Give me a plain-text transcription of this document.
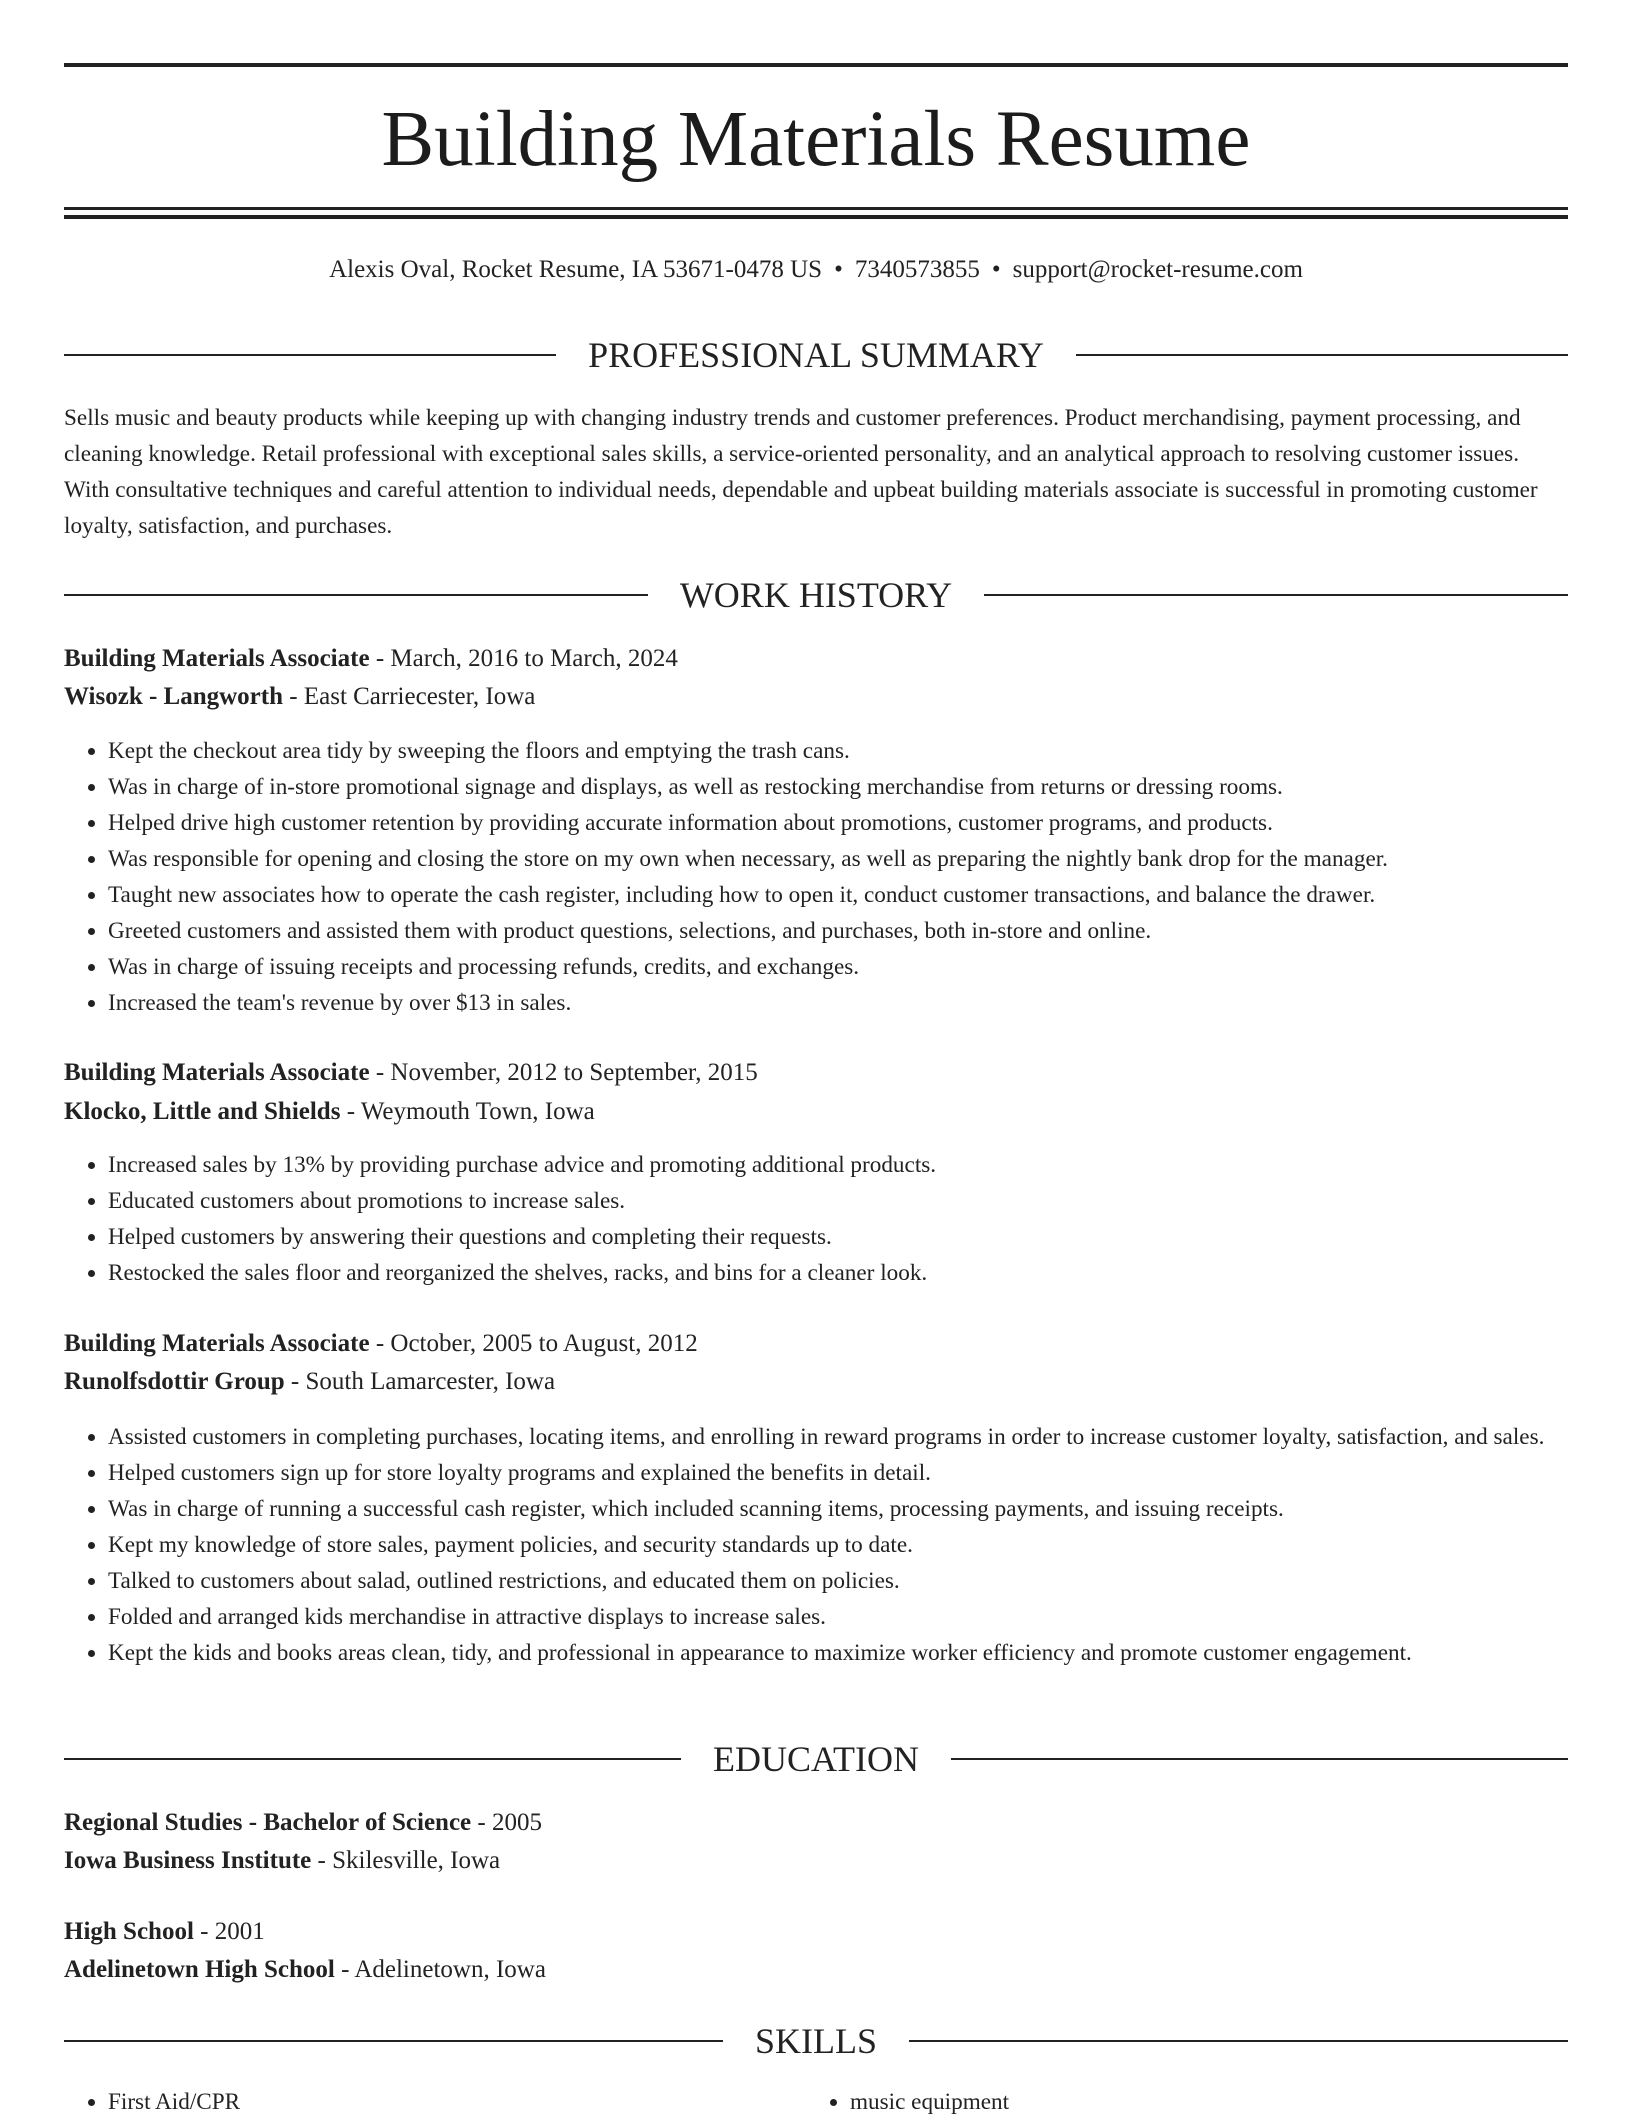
Building Materials Resume
Alexis Oval, Rocket Resume, IA 53671-0478 US • 7340573855 • support@rocket-resume.com
PROFESSIONAL SUMMARY

Sells music and beauty products while keeping up with changing industry trends and customer preferences. Product merchandising, payment processing, and cleaning knowledge. Retail professional with exceptional sales skills, a service-oriented personality, and an analytical approach to resolving customer issues. With consultative techniques and careful attention to individual needs, dependable and upbeat building materials associate is successful in promoting customer loyalty, satisfaction, and purchases.

WORK HISTORY
Building Materials Associate - March, 2016 to March, 2024
Wisozk - Langworth - East Carriecester, Iowa
• Kept the checkout area tidy by sweeping the floors and emptying the trash cans.
• Was in charge of in-store promotional signage and displays, as well as restocking merchandise from returns or dressing rooms.
• Helped drive high customer retention by providing accurate information about promotions, customer programs, and products.
• Was responsible for opening and closing the store on my own when necessary, as well as preparing the nightly bank drop for the manager.
• Taught new associates how to operate the cash register, including how to open it, conduct customer transactions, and balance the drawer.
• Greeted customers and assisted them with product questions, selections, and purchases, both in-store and online.
• Was in charge of issuing receipts and processing refunds, credits, and exchanges.
• Increased the team's revenue by over $13 in sales.
Building Materials Associate - November, 2012 to September, 2015
Klocko, Little and Shields - Weymouth Town, Iowa
• Increased sales by 13% by providing purchase advice and promoting additional products.
• Educated customers about promotions to increase sales.
• Helped customers by answering their questions and completing their requests.
• Restocked the sales floor and reorganized the shelves, racks, and bins for a cleaner look.
Building Materials Associate - October, 2005 to August, 2012
Runolfsdottir Group - South Lamarcester, Iowa
• Assisted customers in completing purchases, locating items, and enrolling in reward programs in order to increase customer loyalty, satisfaction, and sales.
• Helped customers sign up for store loyalty programs and explained the benefits in detail.
• Was in charge of running a successful cash register, which included scanning items, processing payments, and issuing receipts.
• Kept my knowledge of store sales, payment policies, and security standards up to date.
• Talked to customers about salad, outlined restrictions, and educated them on policies.
• Folded and arranged kids merchandise in attractive displays to increase sales.
• Kept the kids and books areas clean, tidy, and professional in appearance to maximize worker efficiency and promote customer engagement.
EDUCATION
Regional Studies - Bachelor of Science - 2005
Iowa Business Institute - Skilesville, Iowa
High School - 2001
Adelinetown High School - Adelinetown, Iowa
SKILLS
• First Aid/CPR
•	music equipment
